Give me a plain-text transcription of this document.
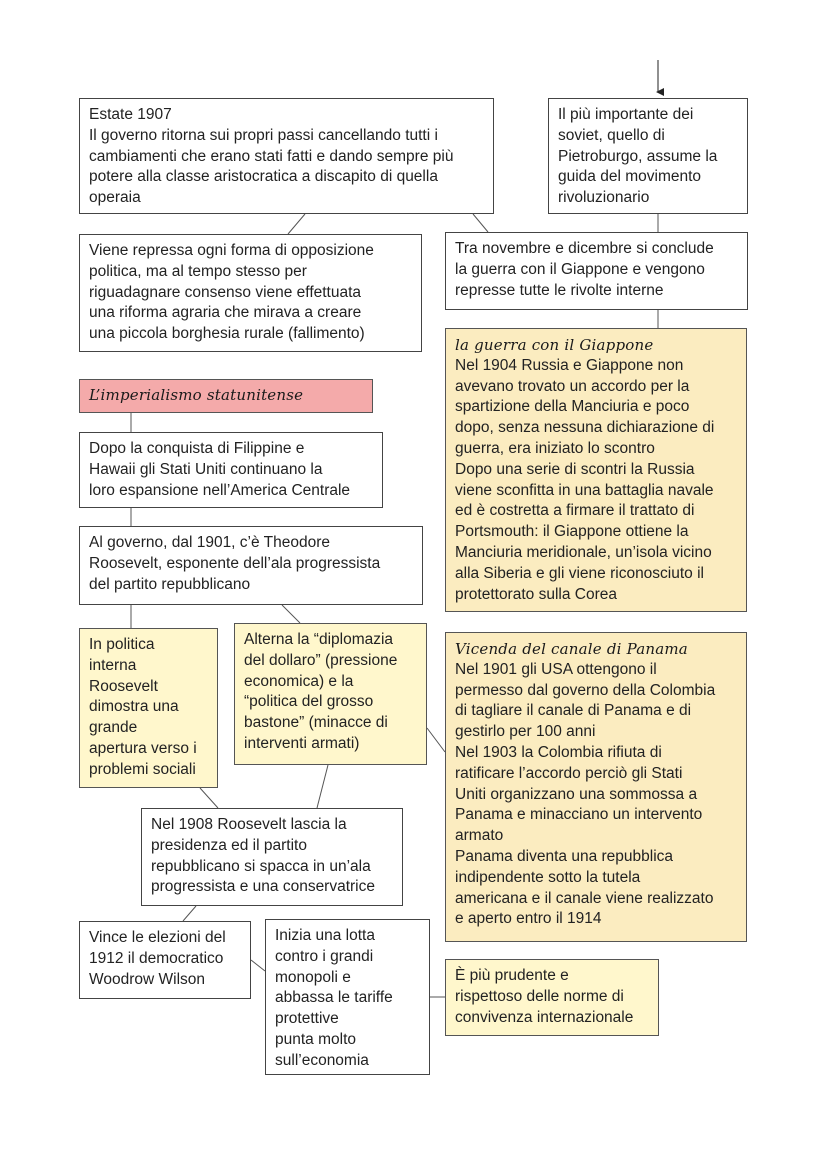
Estate 1907
Il governo ritorna sui propri passi cancellando tutti i
cambiamenti che erano stati fatti e dando sempre più
potere alla classe aristocratica a discapito di quella
operaia
Il più importante dei
soviet, quello di
Pietroburgo, assume la
guida del movimento
rivoluzionario
Viene repressa ogni forma di opposizione
politica, ma al tempo stesso per
riguadagnare consenso viene effettuata
una riforma agraria che mirava a creare
una piccola borghesia rurale (fallimento)
Tra novembre e dicembre si conclude
la guerra con il Giappone e vengono
represse tutte le rivolte interne
la guerra con il Giappone
Nel 1904 Russia e Giappone non
avevano trovato un accordo per la
spartizione della Manciuria e poco
dopo, senza nessuna dichiarazione di
guerra, era iniziato lo scontro
Dopo una serie di scontri la Russia
viene sconfitta in una battaglia navale
ed è costretta a firmare il trattato di
Portsmouth: il Giappone ottiene la
Manciuria meridionale, un’isola vicino
alla Siberia e gli viene riconosciuto il
protettorato sulla Corea
L’imperialismo statunitense
Dopo la conquista di Filippine e
Hawaii gli Stati Uniti continuano la
loro espansione nell’America Centrale
Al governo, dal 1901, c’è Theodore
Roosevelt, esponente dell’ala progressista
del partito repubblicano
In politica
interna
Roosevelt
dimostra una
grande
apertura verso i
problemi sociali
Alterna la “diplomazia
del dollaro” (pressione
economica) e la
“politica del grosso
bastone” (minacce di
interventi armati)
Vicenda del canale di Panama
Nel 1901 gli USA ottengono il
permesso dal governo della Colombia
di tagliare il canale di Panama e di
gestirlo per 100 anni
Nel 1903 la Colombia rifiuta di
ratificare l’accordo perciò gli Stati
Uniti organizzano una sommossa a
Panama e minacciano un intervento
armato
Panama diventa una repubblica
indipendente sotto la tutela
americana e il canale viene realizzato
e aperto entro il 1914
Nel 1908 Roosevelt lascia la
presidenza ed il partito
repubblicano si spacca in un’ala
progressista e una conservatrice
Vince le elezioni del
1912 il democratico
Woodrow Wilson
Inizia una lotta
contro i grandi
monopoli e
abbassa le tariffe
protettive
punta molto
sull’economia
È più prudente e
rispettoso delle norme di
convivenza internazionale
